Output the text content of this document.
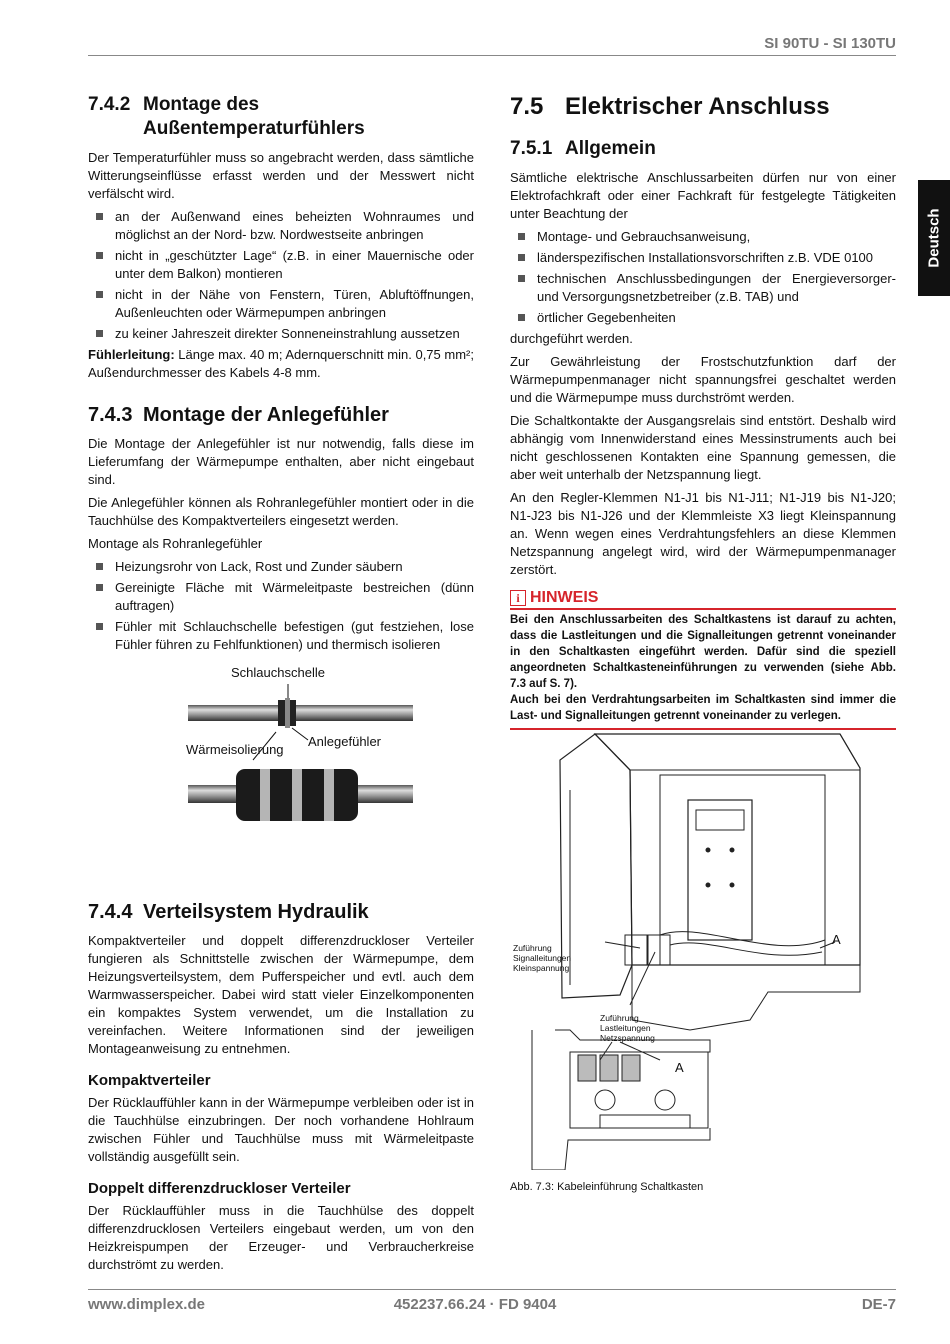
SI 90TU - SI 130TU
Deutsch
7.4.2 Montage des
Außentemperaturfühlers

Der Temperaturfühler muss so angebracht werden, dass sämtliche Witterungseinflüsse erfasst werden und der Messwert nicht verfälscht wird.

an der Außenwand eines beheizten Wohnraumes und möglichst an der Nord- bzw. Nordwestseite anbringen
nicht in „geschützter Lage“ (z.B. in einer Mauernische oder unter dem Balkon) montieren
nicht in der Nähe von Fenstern, Türen, Abluftöffnungen, Außenleuchten oder Wärmepumpen anbringen
zu keiner Jahreszeit direkter Sonneneinstrahlung aussetzen

Fühlerleitung: Länge max. 40 m; Adernquerschnitt min. 0,75 mm²; Außendurchmesser des Kabels 4-8 mm.

7.4.3 Montage der Anlegefühler

Die Montage der Anlegefühler ist nur notwendig, falls diese im Lieferumfang der Wärmepumpe enthalten, aber nicht eingebaut sind.

Die Anlegefühler können als Rohranlegefühler montiert oder in die Tauchhülse des Kompaktverteilers eingesetzt werden.

Montage als Rohranlegefühler

Heizungsrohr von Lack, Rost und Zunder säubern
Gereinigte Fläche mit Wärmeleitpaste bestreichen (dünn auftragen)
Fühler mit Schlauchschelle befestigen (gut festziehen, lose Fühler führen zu Fehlfunktionen) und thermisch isolieren
Schlauchschelle
Wärmeisolierung
Anlegefühler
7.4.4 Verteilsystem Hydraulik

Kompaktverteiler und doppelt differenzdruckloser Verteiler fungieren als Schnittstelle zwischen der Wärmepumpe, dem Heizungsverteilsystem, dem Pufferspeicher und evtl. auch dem Warmwasserspeicher. Dabei wird statt vieler Einzelkomponenten ein kompaktes System verwendet, um die Installation zu vereinfachen. Weitere Informationen sind der jeweiligen Montageanweisung zu entnehmen.

Kompaktverteiler

Der Rücklauffühler kann in der Wärmepumpe verbleiben oder ist in die Tauchhülse einzubringen. Der noch vorhandene Hohlraum zwischen Fühler und Tauchhülse muss mit Wärmeleitpaste vollständig ausgefüllt sein.

Doppelt differenzdruckloser Verteiler

Der Rücklauffühler muss in die Tauchhülse des doppelt differenzdrucklosen Verteilers eingebaut werden, um von den Heizkreispumpen der Erzeuger- und Verbraucherkreise durchströmt zu werden.

7.5 Elektrischer Anschluss
7.5.1 Allgemein

Sämtliche elektrische Anschlussarbeiten dürfen nur von einer Elektrofachkraft oder einer Fachkraft für festgelegte Tätigkeiten unter Beachtung der

Montage- und Gebrauchsanweisung,
länderspezifischen Installationsvorschriften z.B. VDE 0100
technischen Anschlussbedingungen der Energieversorger- und Versorgungsnetzbetreiber (z.B. TAB) und
örtlicher Gegebenheiten

durchgeführt werden.

Zur Gewährleistung der Frostschutzfunktion darf der Wärmepumpenmanager nicht spannungsfrei geschaltet werden und die Wärmepumpe muss durchströmt werden.

Die Schaltkontakte der Ausgangsrelais sind entstört. Deshalb wird abhängig vom Innenwiderstand eines Messinstruments auch bei nicht geschlossenen Kontakten eine Spannung gemessen, die aber weit unterhalb der Netzspannung liegt.

An den Regler-Klemmen N1-J1 bis N1-J11; N1-J19 bis N1-J20; N1-J23 bis N1-J26 und der Klemmleiste X3 liegt Kleinspannung an. Wenn wegen eines Verdrahtungsfehlers an diese Klemmen Netzspannung angelegt wird, wird der Wärmepumpenmanager zerstört.

i HINWEIS
Bei den Anschlussarbeiten des Schaltkastens ist darauf zu achten, dass die Lastleitungen und die Signalleitungen getrennt voneinander in den Schaltkasten eingeführt werden. Dafür sind die speziell angeordneten Schaltkasteneinführungen zu verwenden (siehe Abb. 7.3 auf S. 7).
Auch bei den Verdrahtungsarbeiten im Schaltkasten sind immer die Last- und Signalleitungen getrennt voneinander zu verlegen.
Zuführung
Signalleitungen
Kleinspannung
Zuführung
Lastleitungen
Netzspannung
A
A
Abb. 7.3: Kabeleinführung Schaltkasten
www.dimplex.de	452237.66.24 · FD 9404	DE-7
